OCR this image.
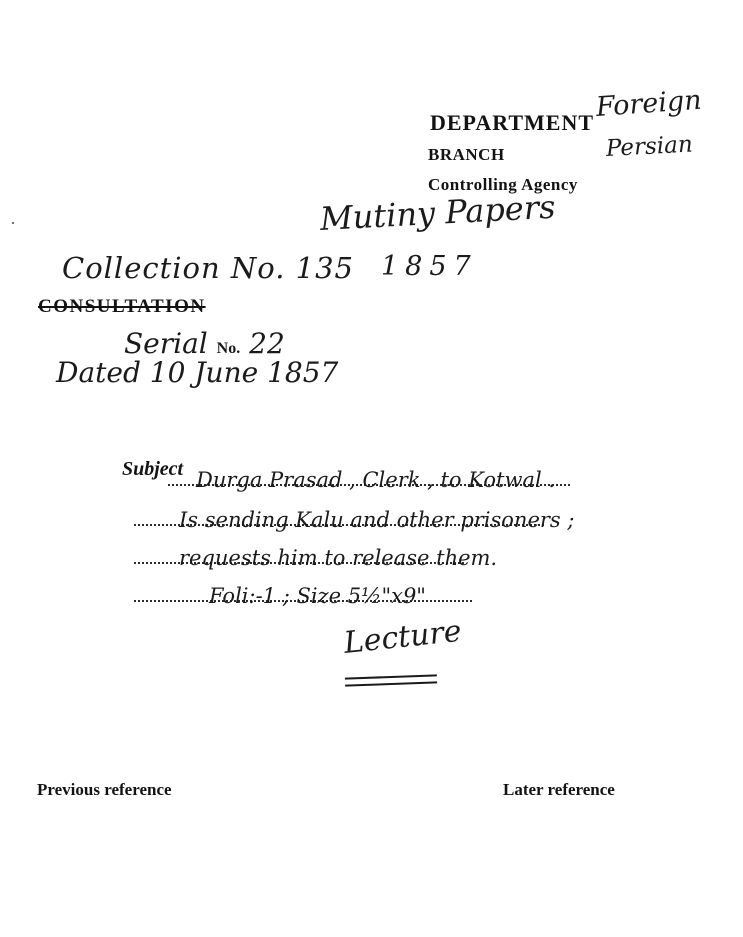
DEPARTMENT Foreign
BRANCH	Persian
Controlling Agency
Mutiny Papers
1857
Collection No. 135
CONSULTATION
Serial No. 22
Dated 10 June 1857
Subject Durga Prasad , Clerk , to Kotwal .
Is sending Kalu and other prisoners ;
requests him to release them.
Foli:-1 ; Size 5½"x9"
Lecture
Previous reference	Later reference
